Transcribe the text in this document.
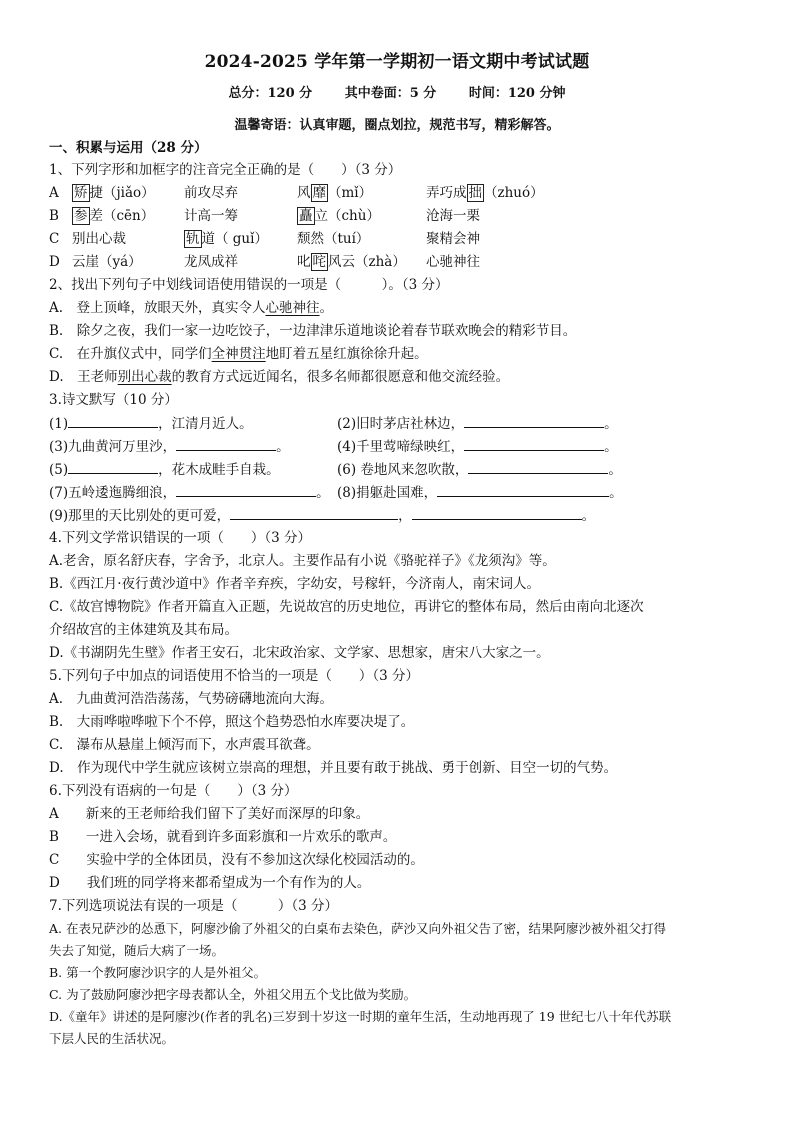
2024-2025 学年第一学期初一语文期中考试试题
总分：120 分	其中卷面：5 分	时间：120 分钟
温馨寄语：认真审题，圈点划拉，规范书写，精彩解答。
一、积累与运用（28 分）
1、下列字形和加框字的注音完全正确的是（　　）（3 分）
A 矫 捷（jiǎo） 前攻尽弃	风 靡 （mǐ）	弄巧成 拙 （zhuó）
B 参 差（cēn） 计高一筹	矗 立（chù）	沧海一栗
C 别出心裁	轨 道（ guǐ） 颓然（tuí）	聚精会神
D 云崖（yá）	龙凤成祥	叱 咤 风云（zhà） 心驰神往
2、找出下列句子中划线词语使用错误的一项是（　　　）。（3 分）
A.　登上顶峰，放眼天外，真实令人心驰神往。
B.　除夕之夜，我们一家一边吃饺子，一边津津乐道地谈论着春节联欢晚会的精彩节目。
C.　在升旗仪式中，同学们全神贯注地盯着五星红旗徐徐升起。
D.　王老师别出心裁的教育方式远近闻名，很多名师都很愿意和他交流经验。
3.诗文默写（10 分）
(1)	，江清月近人。	(2)旧时茅店社林边，	。
(3)九曲黄河万里沙，	。	(4)千里莺啼绿映红，	。
(5)	，花木成畦手自栽。	(6) 卷地风来忽吹散，	。
(7)五岭逶迤腾细浪，	。 (8)捐躯赴国难，	。
(9)那里的天比别处的更可爱，	，	。
4.下列文学常识错误的一项（　　）（3 分）
A.老舍，原名舒庆春，字舍予，北京人。主要作品有小说《骆驼祥子》《龙须沟》等。
B.《西江月·夜行黄沙道中》作者辛弃疾，字幼安，号稼轩，今济南人，南宋词人。
C.《故宫博物院》作者开篇直入正题，先说故宫的历史地位，再讲它的整体布局，然后由南向北逐次
介绍故宫的主体建筑及其布局。
D.《书湖阴先生壁》作者王安石，北宋政治家、文学家、思想家，唐宋八大家之一。
5.下列句子中加点的词语使用不恰当的一项是（　　）（3 分）
A.　九曲黄河浩浩荡荡，气势磅礴地流向大海。
B.　大雨哗啦哗啦下个不停，照这个趋势恐怕水库要决堤了。
C.　瀑布从悬崖上倾泻而下，水声震耳欲聋。
D.　作为现代中学生就应该树立崇高的理想，并且要有敢于挑战、勇于创新、目空一切的气势。
6.下列没有语病的一句是（　　）（3 分）
A　　新来的王老师给我们留下了美好而深厚的印象。
B　　一进入会场，就看到许多面彩旗和一片欢乐的歌声。
C　　实验中学的全体团员，没有不参加这次绿化校园活动的。
D　　我们班的同学将来都希望成为一个有作为的人。
7.下列选项说法有误的一项是（　　　）（3 分）
A. 在表兄萨沙的怂恿下，阿廖沙偷了外祖父的白桌布去染色，萨沙又向外祖父告了密，结果阿廖沙被外祖父打得
失去了知觉，随后大病了一场。
B. 第一个教阿廖沙识字的人是外祖父。
C. 为了鼓励阿廖沙把字母表都认全，外祖父用五个戈比做为奖励。
D.《童年》讲述的是阿廖沙(作者的乳名)三岁到十岁这一时期的童年生活，生动地再现了 19 世纪七八十年代苏联
下层人民的生活状况。
